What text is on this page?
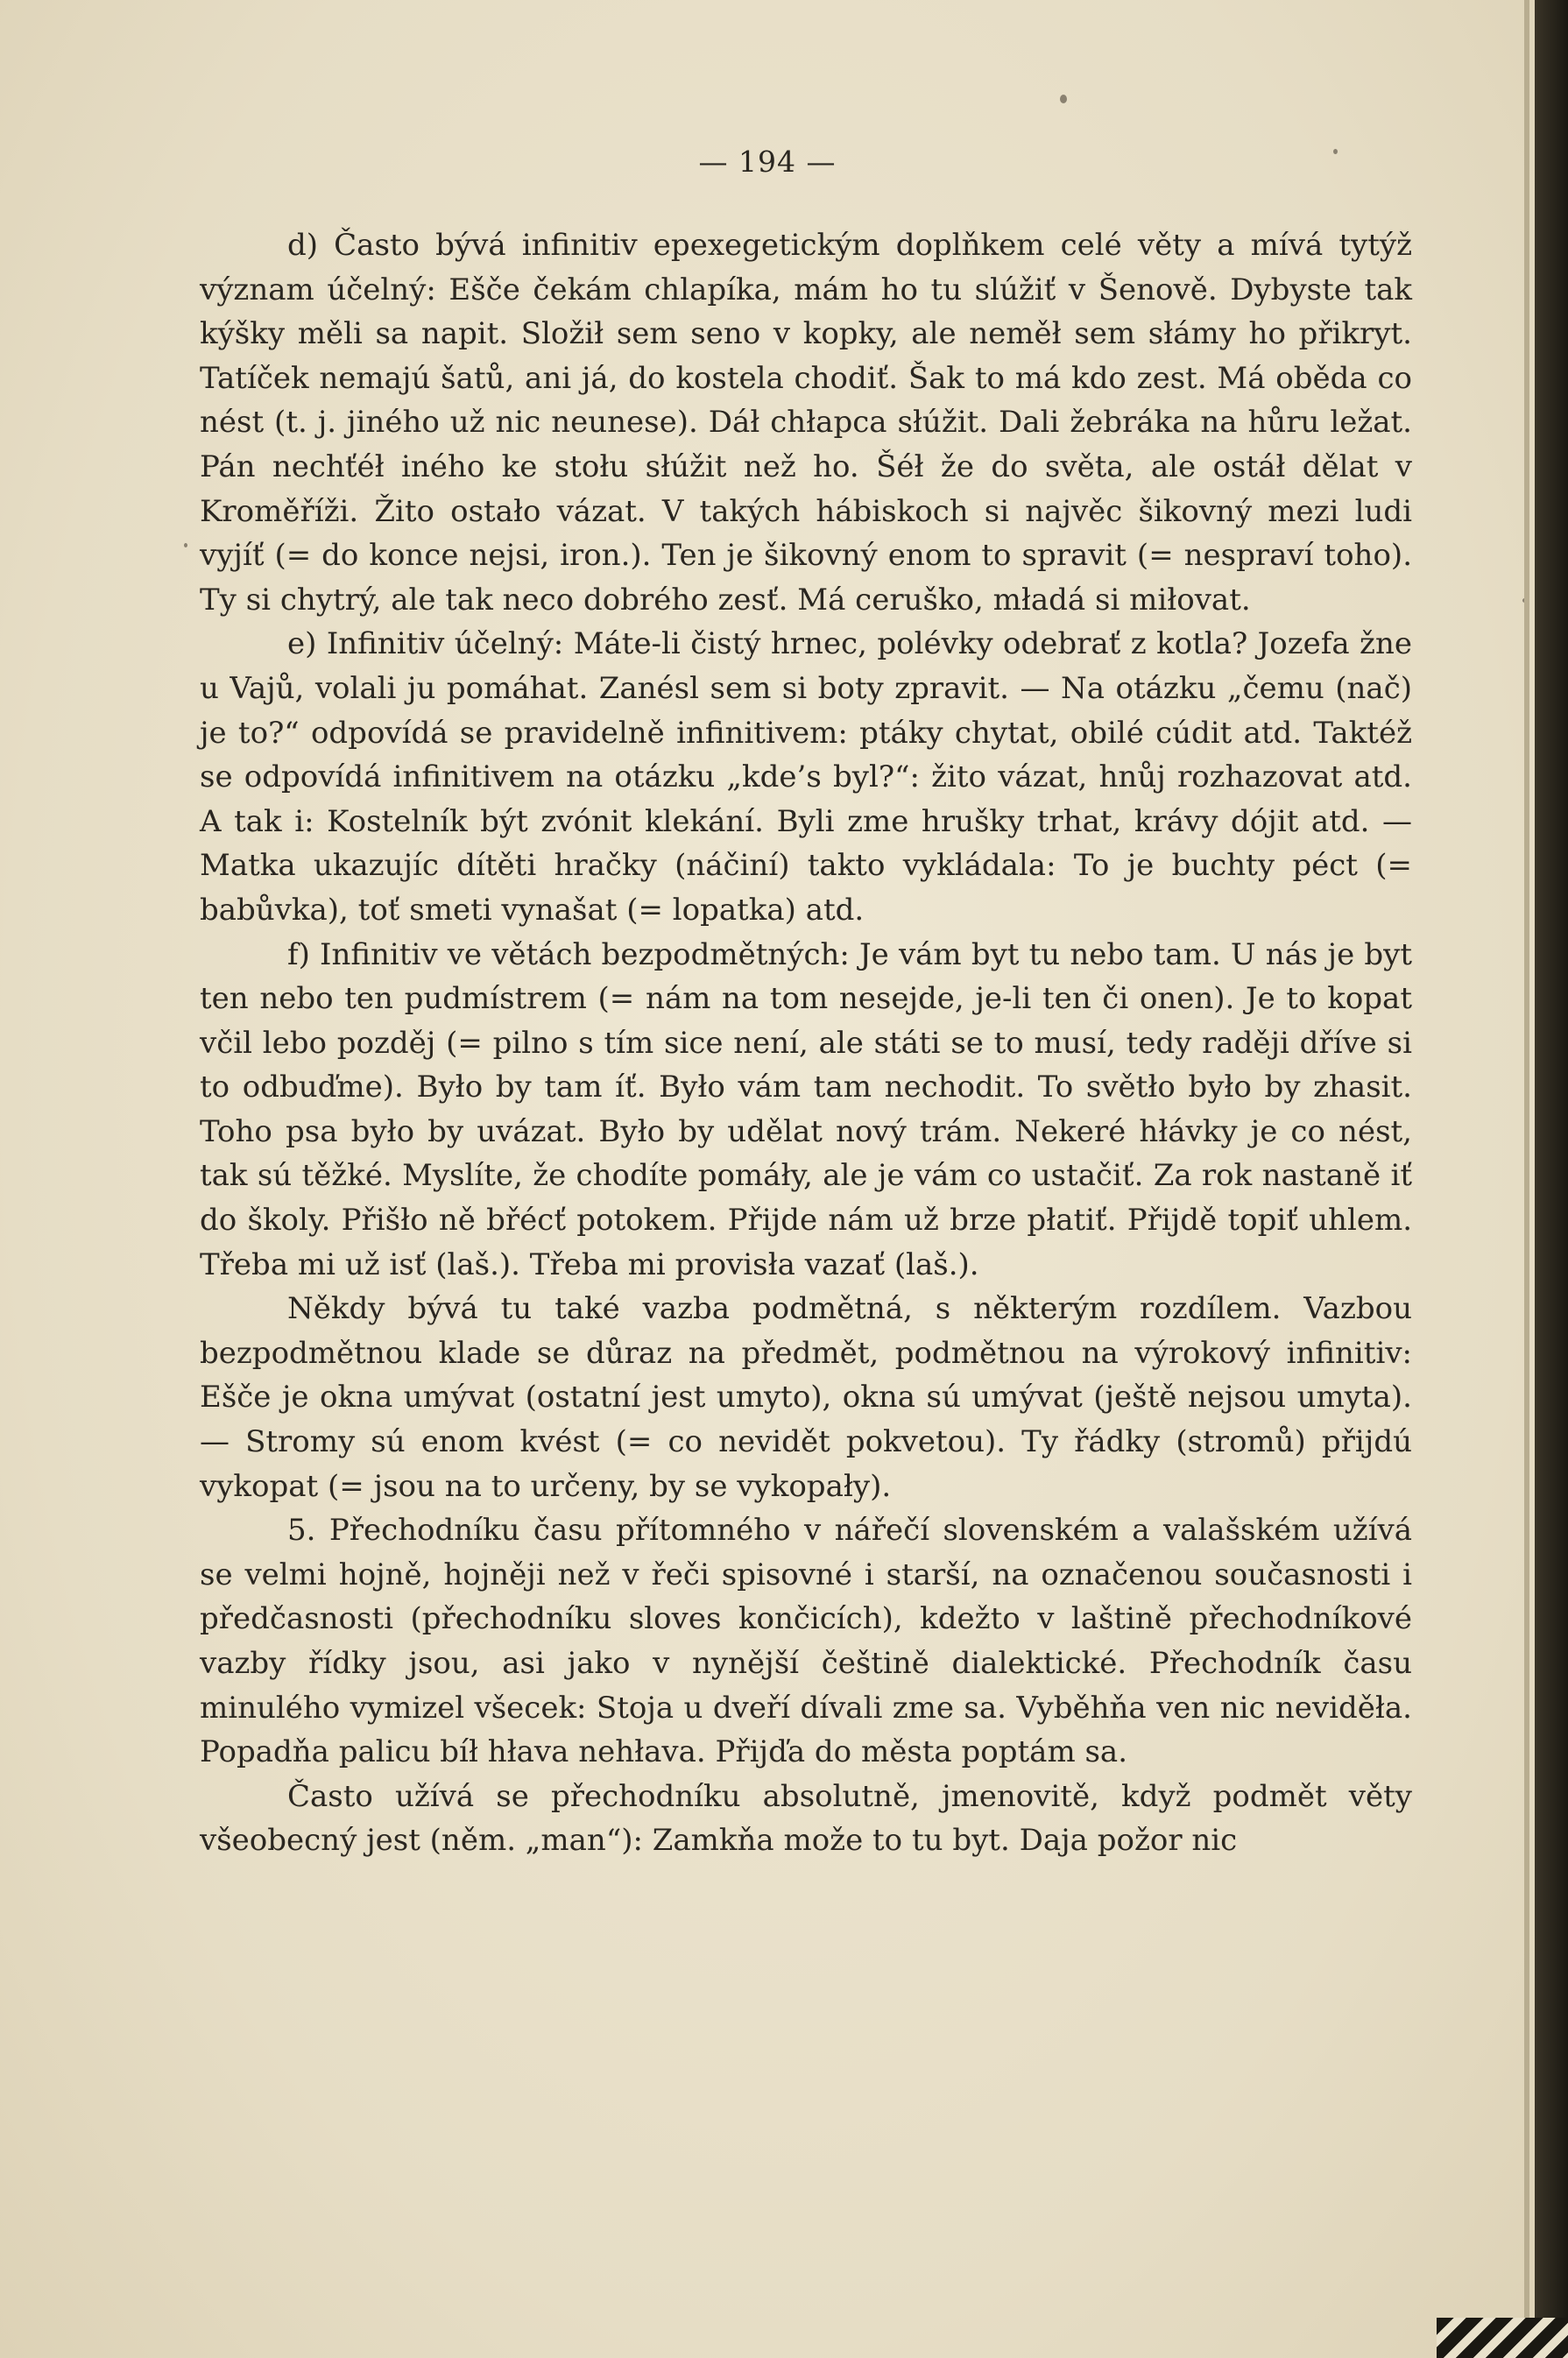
— 194 —

d) Často bývá infinitiv epexegetickým doplňkem celé věty a mívá tytýž význam účelný: Ešče čekám chlapíka, mám ho tu slúžiť v Šenově. Dybyste tak kýšky měli sa napit. Složił sem seno v kopky, ale neměł sem słámy ho přikryt. Tatíček nemajú šatů, ani já, do kostela chodiť. Šak to má kdo zest. Má oběda co nést (t. j. jiného už nic neunese). Dáł chłapca słúžit. Dali žebráka na hůru ležat. Pán nechťéł iného ke stołu słúžit než ho. Šéł že do světa, ale ostáł dělat v Kroměříži. Žito ostało vázat. V takých hábiskoch si najvěc šikovný mezi ludi vyjíť (= do konce nejsi, iron.). Ten je šikovný enom to spravit (= nespraví toho). Ty si chytrý, ale tak neco dobrého zesť. Má ceruško, mładá si miłovat.

e) Infinitiv účelný: Máte-li čistý hrnec, polévky odebrať z kotla? Jozefa žne u Vajů, volali ju pomáhat. Zanésl sem si boty zpravit. — Na otázku „čemu (nač) je to?“ odpovídá se pravidelně infinitivem: ptáky chytat, obilé cúdit atd. Taktéž se odpovídá infinitivem na otázku „kde’s byl?“: žito vázat, hnůj rozhazovat atd. A tak i: Kostelník být zvónit klekání. Byli zme hrušky trhat, krávy dójit atd. — Matka ukazujíc dítěti hračky (náčiní) takto vykládala: To je buchty péct (= babůvka), toť smeti vynašat (= lopatka) atd.

f) Infinitiv ve větách bezpodmětných: Je vám byt tu nebo tam. U nás je byt ten nebo ten pudmístrem (= nám na tom nesejde, je-li ten či onen). Je to kopat včil lebo pozděj (= pilno s tím sice není, ale státi se to musí, tedy raději dříve si to odbuďme). Było by tam íť. Było vám tam nechodit. To světło było by zhasit. Toho psa było by uvázat. Było by udělat nový trám. Nekeré hłávky je co nést, tak sú těžké. Myslíte, že chodíte pomáły, ale je vám co ustačiť. Za rok nastaně iť do školy. Přišło ně břécť potokem. Přijde nám už brze płatiť. Přijdě topiť uhlem. Třeba mi už isť (laš.). Třeba mi provisła vazať (laš.).

Někdy bývá tu také vazba podmětná, s některým rozdílem. Vazbou bezpodmětnou klade se důraz na předmět, podmětnou na výrokový infinitiv: Ešče je okna umývat (ostatní jest umyto), okna sú umývat (ještě nejsou umyta). — Stromy sú enom kvést (= co nevidět pokvetou). Ty řádky (stromů) přijdú vykopat (= jsou na to určeny, by se vykopały).

5. Přechodníku času přítomného v nářečí slovenském a valašském užívá se velmi hojně, hojněji než v řeči spisovné i starší, na označenou současnosti i předčasnosti (přechodníku sloves končicích), kdežto v laštině přechodníkové vazby řídky jsou, asi jako v nynější češtině dialektické. Přechodník času minulého vymizel všecek: Stoja u dveří dívali zme sa. Vyběhňa ven nic neviděła. Popadňa palicu bíł hłava nehłava. Přijďa do města poptám sa.

Často užívá se přechodníku absolutně, jmenovitě, když podmět věty všeobecný jest (něm. „man“): Zamkňa može to tu byt. Daja požor nic
